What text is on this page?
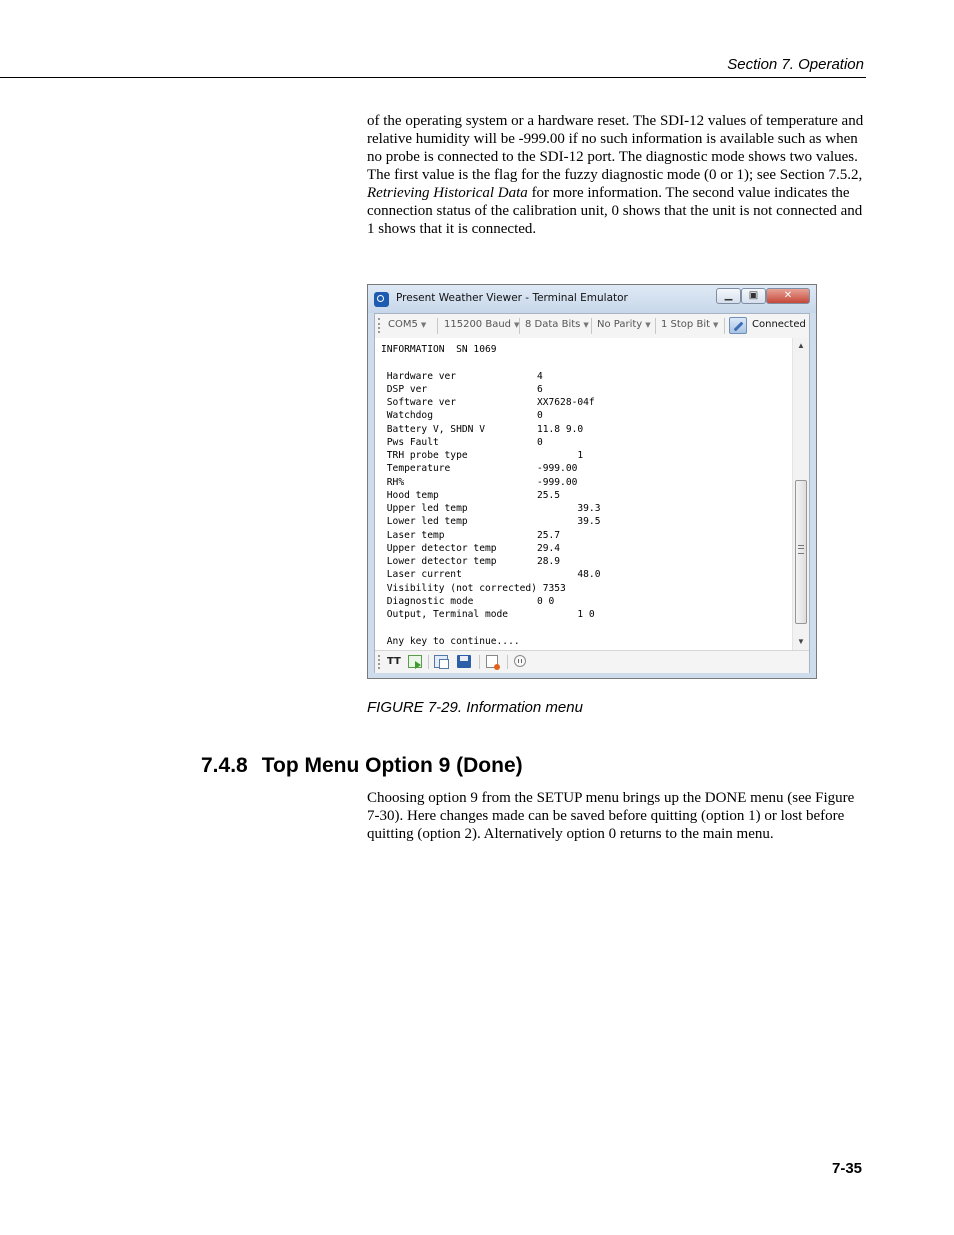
Section 7. Operation
of the operating system or a hardware reset. The SDI-12 values of temperature and relative humidity will be -999.00 if no such information is available such as when no probe is connected to the SDI-12 port. The diagnostic mode shows two values. The first value is the flag for the fuzzy diagnostic mode (0 or 1); see Section 7.5.2, Retrieving Historical Data for more information. The second value indicates the connection status of the calibration unit, 0 shows that the unit is not connected and 1 shows that it is connected.
Present Weather Viewer - Terminal Emulator	▁	▣	✕
COM5 ▼ 115200 Baud ▼ 8 Data Bits ▼ No Parity ▼ 1 Stop Bit ▼	Connected
INFORMATION  SN 1069
Hardware ver              4
DSP ver                   6
Software ver              XX7628-04f
Watchdog                  0
Battery V, SHDN V         11.8 9.0
Pws Fault                 0
TRH probe type                   1
Temperature               -999.00
RH%                       -999.00
Hood temp                 25.5
Upper led temp                   39.3
Lower led temp                   39.5
Laser temp                25.7
Upper detector temp       29.4
Lower detector temp       28.9
Laser current                    48.0
Visibility (not corrected) 7353
Diagnostic mode           0 0
Output, Terminal mode            1 0
Any key to continue....
▲
▼
TT
FIGURE 7-29. Information menu
7.4.8 Top Menu Option 9 (Done)
Choosing option 9 from the SETUP menu brings up the DONE menu (see Figure 7-30). Here changes made can be saved before quitting (option 1) or lost before quitting (option 2). Alternatively option 0 returns to the main menu.
7-35
